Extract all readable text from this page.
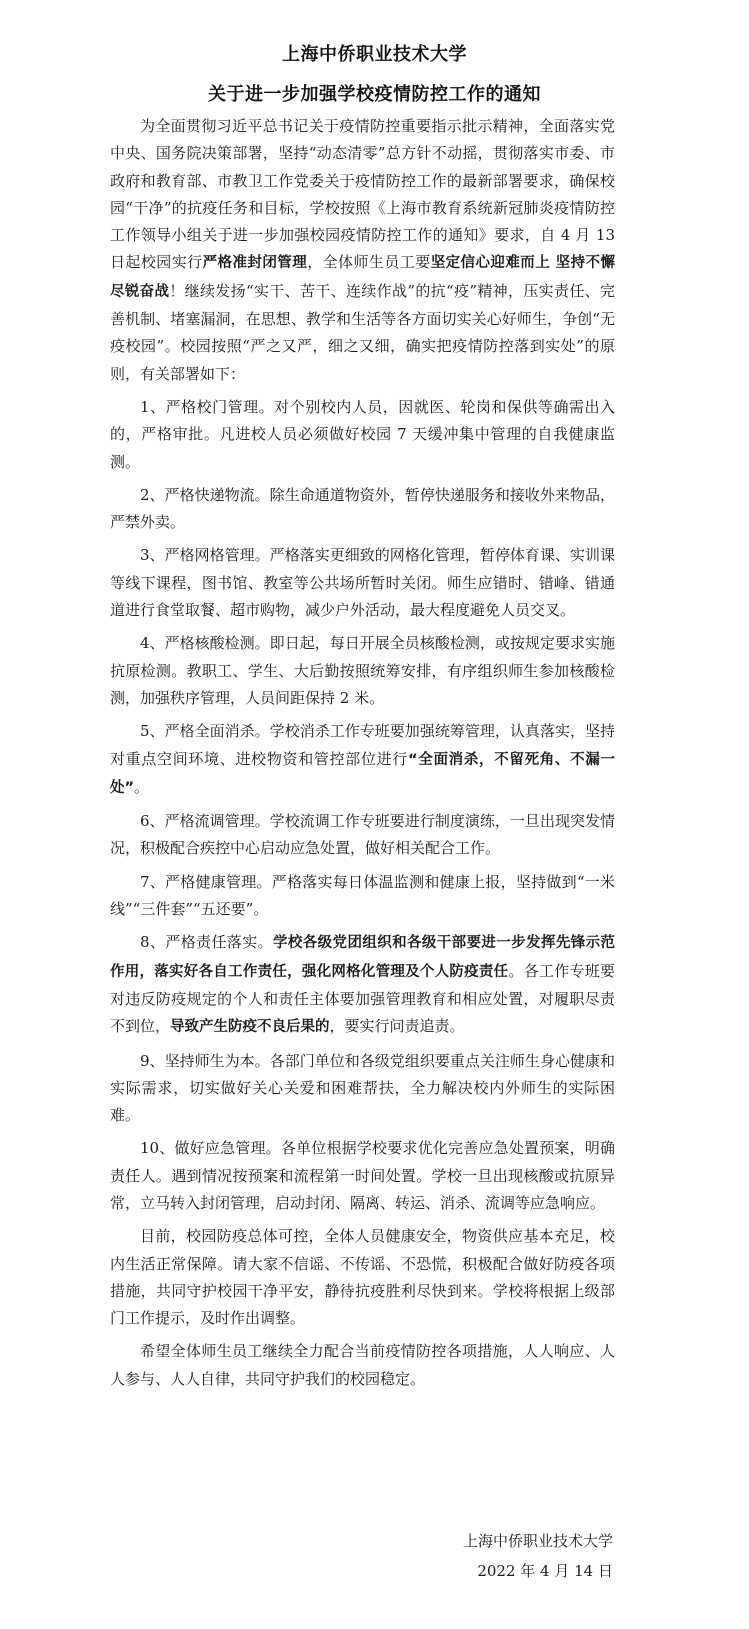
上海中侨职业技术大学
关于进一步加强学校疫情防控工作的通知

为全面贯彻习近平总书记关于疫情防控重要指示批示精神，全面落实党中央、国务院决策部署，坚持“动态清零”总方针不动摇，贯彻落实市委、市政府和教育部、市教卫工作党委关于疫情防控工作的最新部署要求，确保校园“干净”的抗疫任务和目标，学校按照《上海市教育系统新冠肺炎疫情防控工作领导小组关于进一步加强校园疫情防控工作的通知》要求，自 4 月 13 日起校园实行严格准封闭管理，全体师生员工要坚定信心迎难而上 坚持不懈尽锐奋战！继续发扬“实干、苦干、连续作战”的抗“疫”精神，压实责任、完善机制、堵塞漏洞，在思想、教学和生活等各方面切实关心好师生，争创“无疫校园”。校园按照“严之又严，细之又细，确实把疫情防控落到实处”的原则，有关部署如下：

1、严格校门管理。对个别校内人员，因就医、轮岗和保供等确需出入的，严格审批。凡进校人员必须做好校园 7 天缓冲集中管理的自我健康监测。

2、严格快递物流。除生命通道物资外，暂停快递服务和接收外来物品，严禁外卖。

3、严格网格管理。严格落实更细致的网格化管理，暂停体育课、实训课等线下课程，图书馆、教室等公共场所暂时关闭。师生应错时、错峰、错通道进行食堂取餐、超市购物，减少户外活动，最大程度避免人员交叉。

4、严格核酸检测。即日起，每日开展全员核酸检测，或按规定要求实施抗原检测。教职工、学生、大后勤按照统筹安排，有序组织师生参加核酸检测，加强秩序管理，人员间距保持 2 米。

5、严格全面消杀。学校消杀工作专班要加强统筹管理，认真落实，坚持对重点空间环境、进校物资和管控部位进行“全面消杀，不留死角、不漏一处”。

6、严格流调管理。学校流调工作专班要进行制度演练，一旦出现突发情况，积极配合疾控中心启动应急处置，做好相关配合工作。

7、严格健康管理。严格落实每日体温监测和健康上报，坚持做到“一米线”“三件套”“五还要”。

8、严格责任落实。学校各级党团组织和各级干部要进一步发挥先锋示范作用，落实好各自工作责任，强化网格化管理及个人防疫责任。各工作专班要对违反防疫规定的个人和责任主体要加强管理教育和相应处置，对履职尽责不到位，导致产生防疫不良后果的，要实行问责追责。

9、坚持师生为本。各部门单位和各级党组织要重点关注师生身心健康和实际需求，切实做好关心关爱和困难帮扶，全力解决校内外师生的实际困难。

10、做好应急管理。各单位根据学校要求优化完善应急处置预案，明确责任人。遇到情况按预案和流程第一时间处置。学校一旦出现核酸或抗原异常，立马转入封闭管理，启动封闭、隔离、转运、消杀、流调等应急响应。

目前，校园防疫总体可控，全体人员健康安全，物资供应基本充足，校内生活正常保障。请大家不信谣、不传谣、不恐慌，积极配合做好防疫各项措施，共同守护校园干净平安，静待抗疫胜利尽快到来。学校将根据上级部门工作提示，及时作出调整。

希望全体师生员工继续全力配合当前疫情防控各项措施，人人响应、人人参与、人人自律，共同守护我们的校园稳定。

上海中侨职业技术大学
2022 年 4 月 14 日
